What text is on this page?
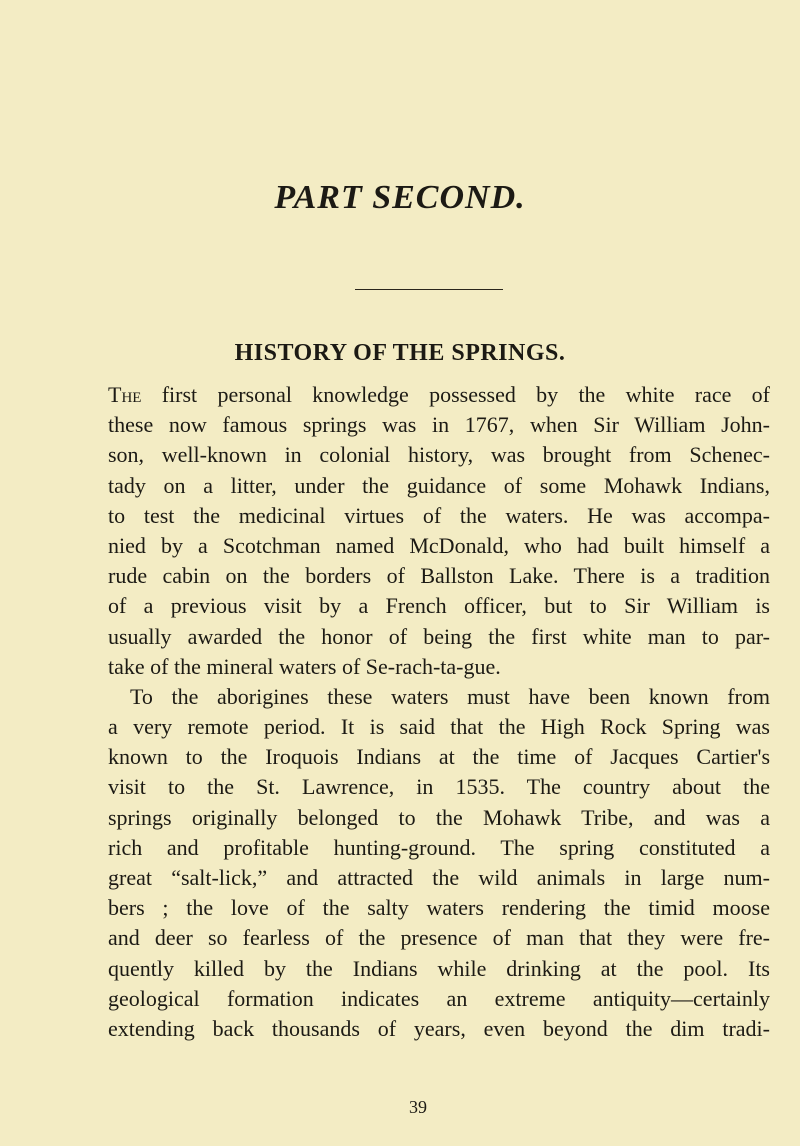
PART SECOND.
HISTORY OF THE SPRINGS.
The first personal knowledge possessed by the white race of
these now famous springs was in 1767, when Sir William John-
son, well-known in colonial history, was brought from Schenec-
tady on a litter, under the guidance of some Mohawk Indians,
to test the medicinal virtues of the waters. He was accompa-
nied by a Scotchman named McDonald, who had built himself a
rude cabin on the borders of Ballston Lake. There is a tradition
of a previous visit by a French officer, but to Sir William is
usually awarded the honor of being the first white man to par-
take of the mineral waters of Se-rach-ta-gue.
To the aborigines these waters must have been known from
a very remote period. It is said that the High Rock Spring was
known to the Iroquois Indians at the time of Jacques Cartier's
visit to the St. Lawrence, in 1535. The country about the
springs originally belonged to the Mohawk Tribe, and was a
rich and profitable hunting-ground. The spring constituted a
great “salt-lick,” and attracted the wild animals in large num-
bers ; the love of the salty waters rendering the timid moose
and deer so fearless of the presence of man that they were fre-
quently killed by the Indians while drinking at the pool. Its
geological formation indicates an extreme antiquity—certainly
extending back thousands of years, even beyond the dim tradi-
39
